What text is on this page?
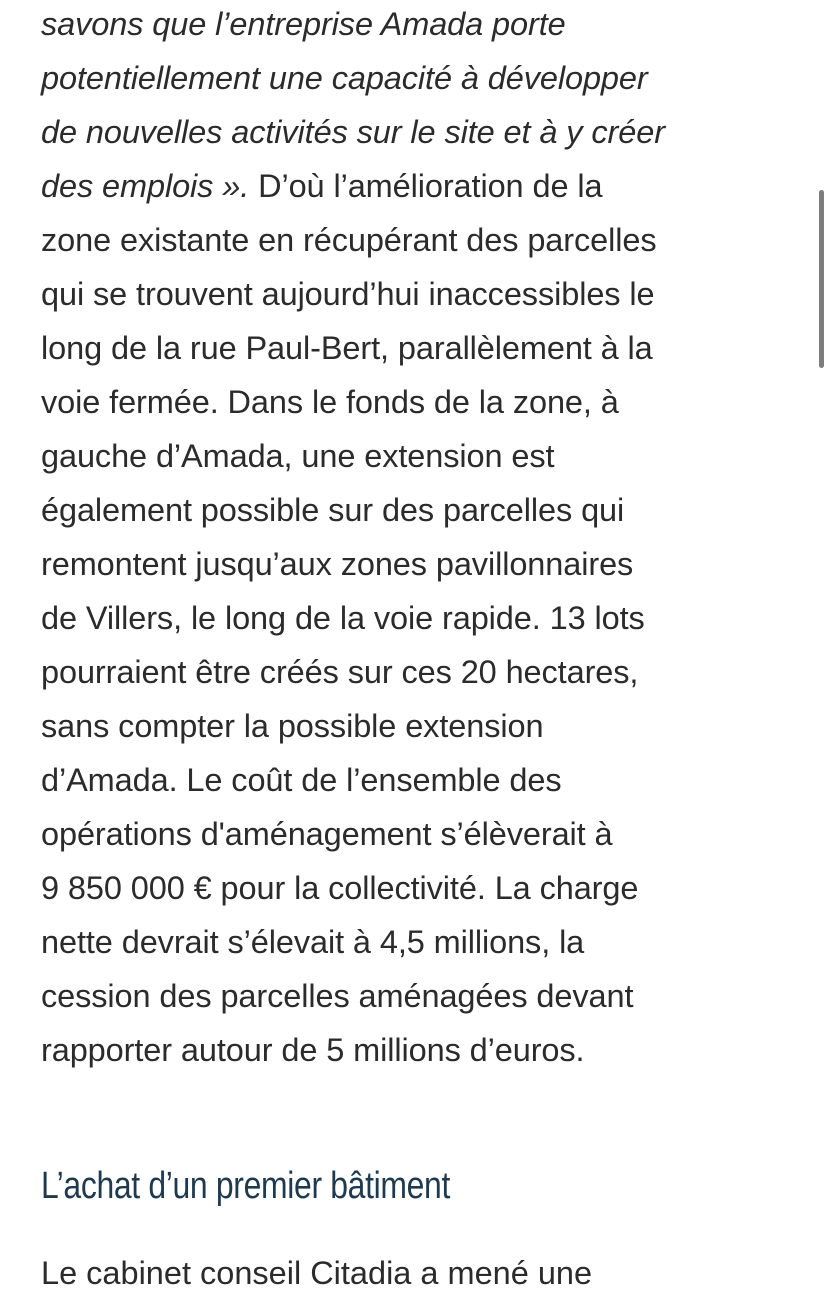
savons que l’entreprise Amada porte
potentiellement une capacité à développer
de nouvelles activités sur le site et à y créer
des emplois ». D’où l’amélioration de la
zone existante en récupérant des parcelles
qui se trouvent aujourd’hui inaccessibles le
long de la rue Paul-Bert, parallèlement à la
voie fermée. Dans le fonds de la zone, à
gauche d’Amada, une extension est
également possible sur des parcelles qui
remontent jusqu’aux zones pavillonnaires
de Villers, le long de la voie rapide. 13 lots
pourraient être créés sur ces 20 hectares,
sans compter la possible extension
d’Amada. Le coût de l’ensemble des
opérations d'aménagement s’élèverait à
9 850 000 € pour la collectivité. La charge
nette devrait s’élevait à 4,5 millions, la
cession des parcelles aménagées devant
rapporter autour de 5 millions d’euros.

L’achat d’un premier bâtiment

Le cabinet conseil Citadia a mené une
